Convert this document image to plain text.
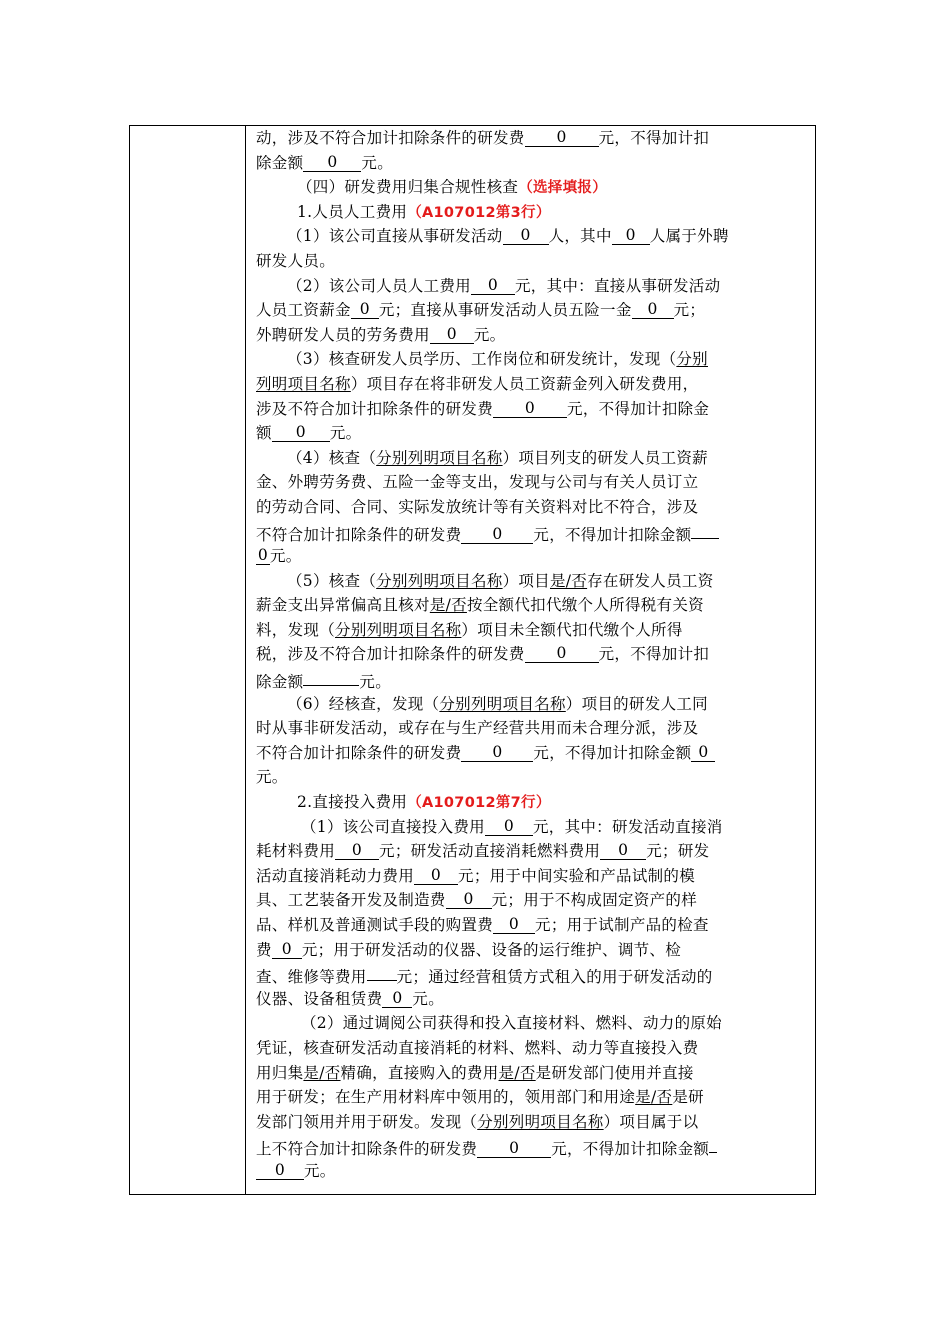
动，涉及不符合加计扣除条件的研发费 0 元，不得加计扣
除金额 0 元。
（四）研发费用归集合规性核查（选择填报）
1.人员人工费用（A107012第3行）
（1）该公司直接从事研发活动 0 人，其中 0 人属于外聘
研发人员。
（2）该公司人员人工费用 0 元，其中：直接从事研发活动
人员工资薪金 0 元；直接从事研发活动人员五险一金 0 元；
外聘研发人员的劳务费用 0 元。
（3）核查研发人员学历、工作岗位和研发统计，发现（分别
列明项目名称）项目存在将非研发人员工资薪金列入研发费用，
涉及不符合加计扣除条件的研发费 0 元，不得加计扣除金
额 0 元。
（4）核查（分别列明项目名称）项目列支的研发人员工资薪
金、外聘劳务费、五险一金等支出，发现与公司与有关人员订立
的劳动合同、合同、实际发放统计等有关资料对比不符合，涉及
不符合加计扣除条件的研发费 0 元，不得加计扣除金额
0 元。
（5）核查（分别列明项目名称）项目是/否存在研发人员工资
薪金支出异常偏高且核对是/否按全额代扣代缴个人所得税有关资
料，发现（分别列明项目名称）项目未全额代扣代缴个人所得
税，涉及不符合加计扣除条件的研发费 0 元，不得加计扣
除金额	元。
（6）经核查，发现（分别列明项目名称）项目的研发人工同
时从事非研发活动，或存在与生产经营共用而未合理分派，涉及
不符合加计扣除条件的研发费 0 元，不得加计扣除金额 0
元。
2.直接投入费用（A107012第7行）
（1）该公司直接投入费用 0 元，其中：研发活动直接消
耗材料费用 0 元；研发活动直接消耗燃料费用 0 元；研发
活动直接消耗动力费用 0 元；用于中间实验和产品试制的模
具、工艺装备开发及制造费 0 元；用于不构成固定资产的样
品、样机及普通测试手段的购置费 0 元；用于试制产品的检查
费 0 元；用于研发活动的仪器、设备的运行维护、调节、检
查、维修等费用 元；通过经营租赁方式租入的用于研发活动的
仪器、设备租赁费 0 元。
（2）通过调阅公司获得和投入直接材料、燃料、动力的原始
凭证，核查研发活动直接消耗的材料、燃料、动力等直接投入费
用归集是/否精确，直接购入的费用是/否是研发部门使用并直接
用于研发；在生产用材料库中领用的，领用部门和用途是/否是研
发部门领用并用于研发。发现（分别列明项目名称）项目属于以
上不符合加计扣除条件的研发费 0 元，不得加计扣除金额
0 元。
